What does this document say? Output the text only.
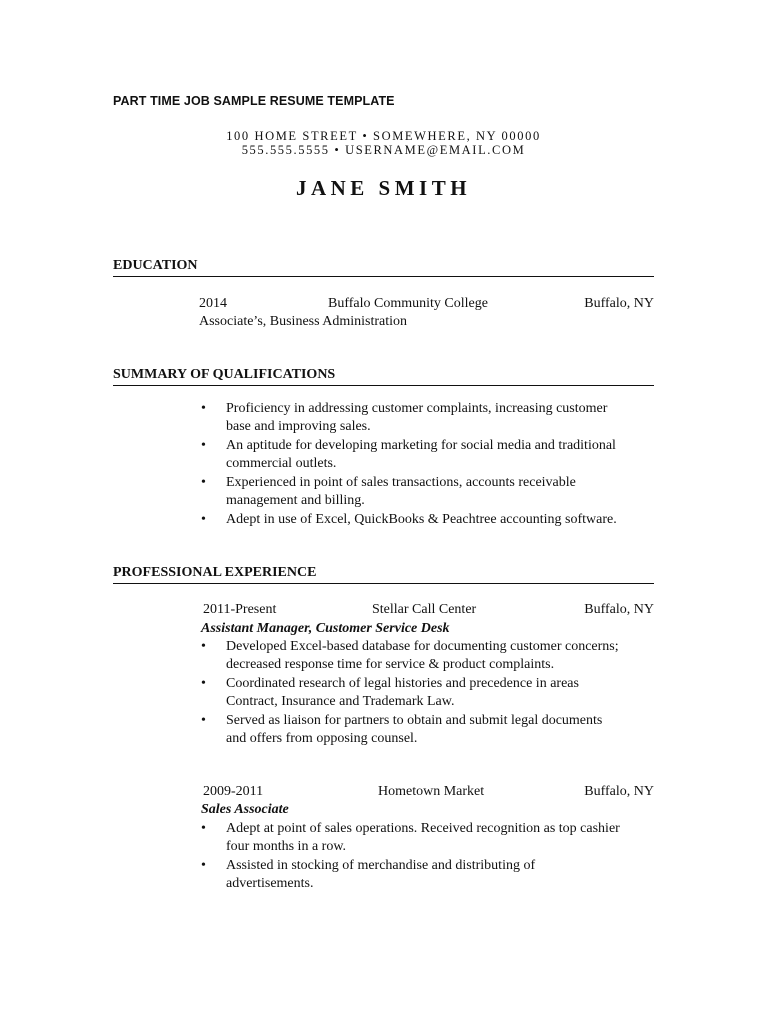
PART TIME JOB SAMPLE RESUME TEMPLATE
100 HOME STREET • SOMEWHERE, NY 00000
555.555.5555 • USERNAME@EMAIL.COM
JANE SMITH
EDUCATION
2014	Buffalo Community College	Buffalo, NY
Associate’s, Business Administration
SUMMARY OF QUALIFICATIONS
• Proficiency in addressing customer complaints, increasing customer
base and improving sales.
• An aptitude for developing marketing for social media and traditional
commercial outlets.
• Experienced in point of sales transactions, accounts receivable
management and billing.
• Adept in use of Excel, QuickBooks & Peachtree accounting software.
PROFESSIONAL EXPERIENCE
2011-Present	Stellar Call Center	Buffalo, NY
Assistant Manager, Customer Service Desk
• Developed Excel-based database for documenting customer concerns;
decreased response time for service & product complaints.
• Coordinated research of legal histories and precedence in areas
Contract, Insurance and Trademark Law.
• Served as liaison for partners to obtain and submit legal documents
and offers from opposing counsel.
2009-2011	Hometown Market	Buffalo, NY
Sales Associate
• Adept at point of sales operations. Received recognition as top cashier
four months in a row.
• Assisted in stocking of merchandise and distributing of
advertisements.
